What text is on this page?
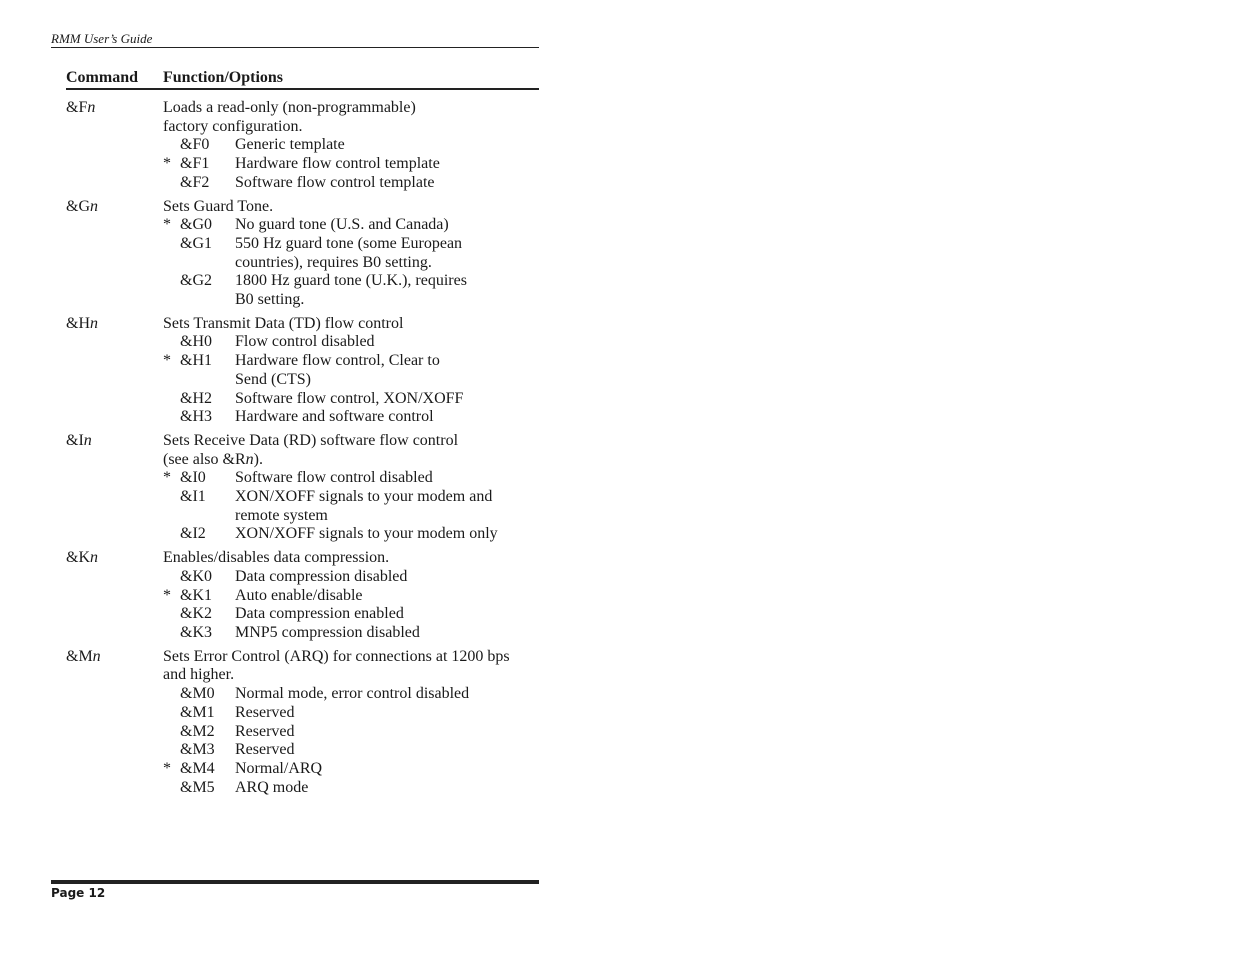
RMM User’s Guide
Command Function/Options
&Fn	Loads a read-only (non-programmable)
factory configuration.
&F0 Generic template
* &F1 Hardware flow control template
&F2 Software flow control template
&Gn	Sets Guard Tone.
* &G0 No guard tone (U.S. and Canada)
&G1 550 Hz guard tone (some European
countries), requires B0 setting.
&G2 1800 Hz guard tone (U.K.), requires
B0 setting.
&Hn	Sets Transmit Data (TD) flow control
&H0 Flow control disabled
* &H1 Hardware flow control, Clear to
Send (CTS)
&H2 Software flow control, XON/XOFF
&H3 Hardware and software control
&In	Sets Receive Data (RD) software flow control
(see also &Rn).
* &I0 Software flow control disabled
&I1 XON/XOFF signals to your modem and
remote system
&I2 XON/XOFF signals to your modem only
&Kn	Enables/disables data compression.
&K0 Data compression disabled
* &K1 Auto enable/disable
&K2 Data compression enabled
&K3 MNP5 compression disabled
&Mn	Sets Error Control (ARQ) for connections at 1200 bps
and higher.
&M0 Normal mode, error control disabled
&M1 Reserved
&M2 Reserved
&M3 Reserved
* &M4 Normal/ARQ
&M5 ARQ mode
Page 12
